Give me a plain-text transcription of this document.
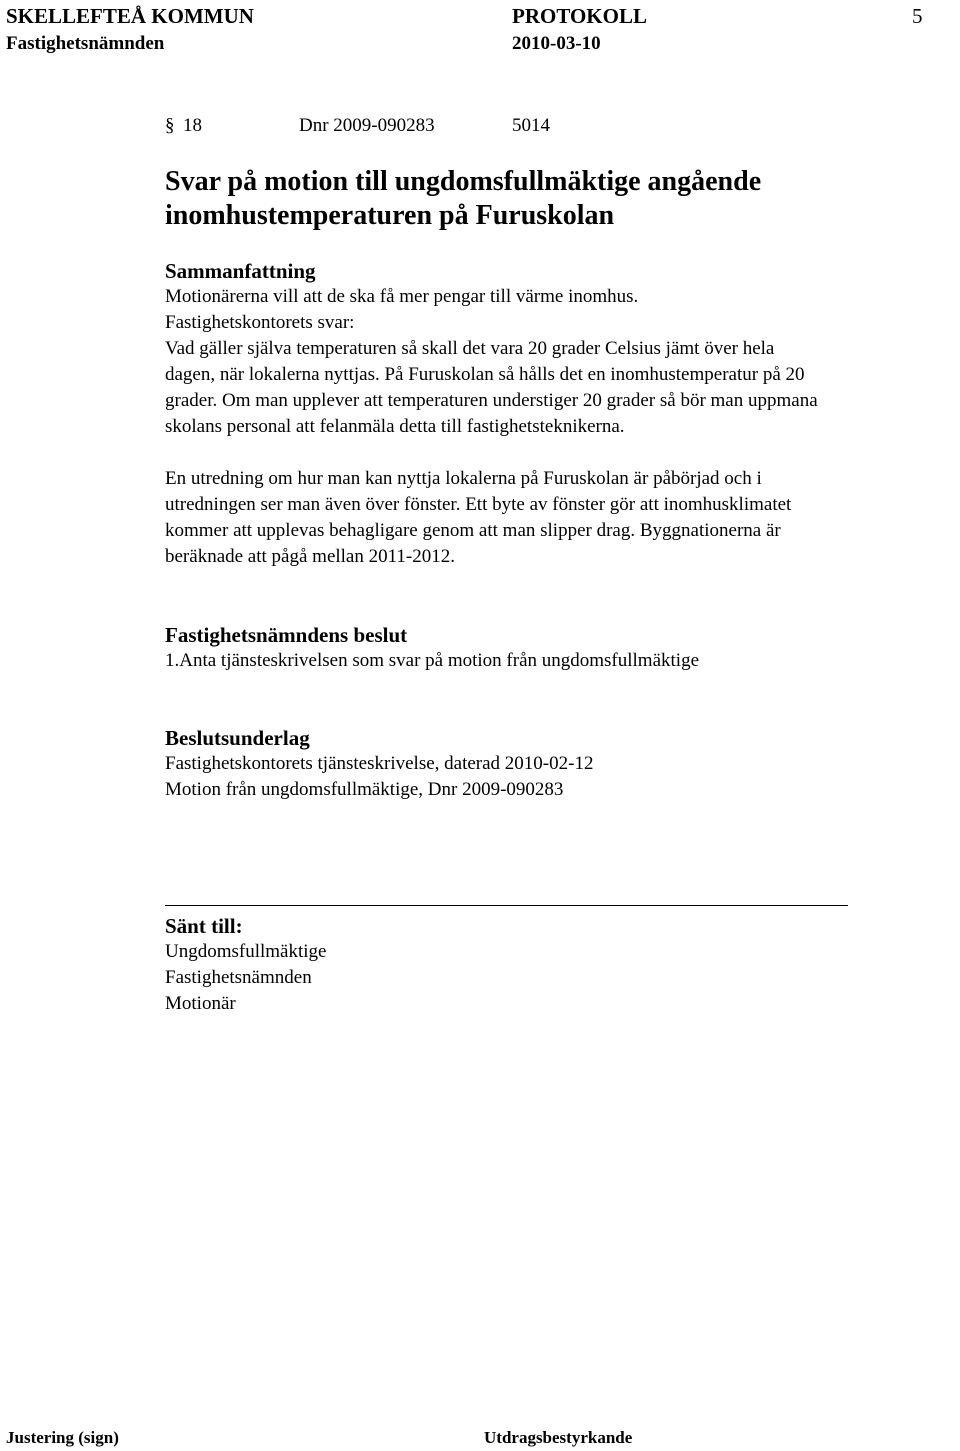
SKELLEFTEÅ KOMMUN	PROTOKOLL	5
Fastighetsnämnden	2010-03-10
§ 18	Dnr 2009-090283	5014
Svar på motion till ungdomsfullmäktige angående
inomhustemperaturen på Furuskolan
Sammanfattning
Motionärerna vill att de ska få mer pengar till värme inomhus.
Fastighetskontorets svar:
Vad gäller själva temperaturen så skall det vara 20 grader Celsius jämt över hela
dagen, när lokalerna nyttjas. På Furuskolan så hålls det en inomhustemperatur på 20
grader. Om man upplever att temperaturen understiger 20 grader så bör man uppmana
skolans personal att felanmäla detta till fastighetsteknikerna.
En utredning om hur man kan nyttja lokalerna på Furuskolan är påbörjad och i
utredningen ser man även över fönster. Ett byte av fönster gör att inomhusklimatet
kommer att upplevas behagligare genom att man slipper drag. Byggnationerna är
beräknade att pågå mellan 2011-2012.
Fastighetsnämndens beslut
1.Anta tjänsteskrivelsen som svar på motion från ungdomsfullmäktige
Beslutsunderlag
Fastighetskontorets tjänsteskrivelse, daterad 2010-02-12
Motion från ungdomsfullmäktige, Dnr 2009-090283
Sänt till:
Ungdomsfullmäktige
Fastighetsnämnden
Motionär
Justering (sign)	Utdragsbestyrkande
